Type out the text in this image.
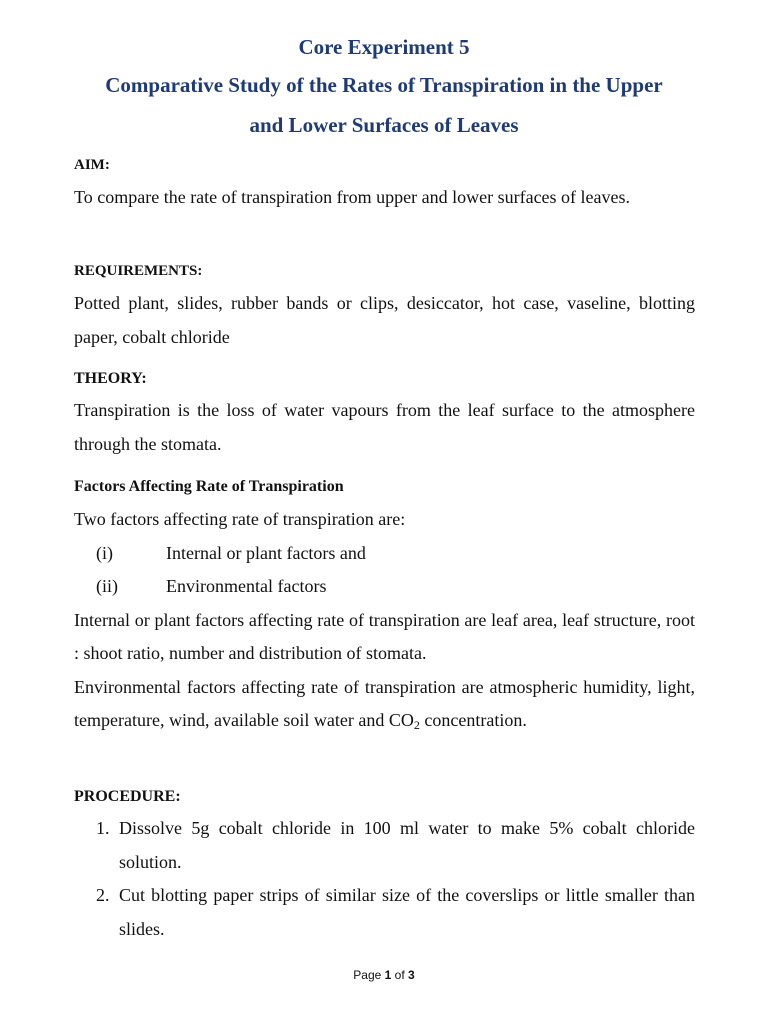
Core Experiment 5
Comparative Study of the Rates of Transpiration in the Upper
and Lower Surfaces of Leaves

AIM:

To compare the rate of transpiration from upper and lower surfaces of leaves.

REQUIREMENTS:

Potted plant, slides, rubber bands or clips, desiccator, hot case, vaseline, blotting paper, cobalt chloride

THEORY:

Transpiration is the loss of water vapours from the leaf surface to the atmosphere through the stomata.

Factors Affecting Rate of Transpiration

Two factors affecting rate of transpiration are:

(i)	Internal or plant factors and
(ii)	Environmental factors

Internal or plant factors affecting rate of transpiration are leaf area, leaf structure, root : shoot ratio, number and distribution of stomata.

Environmental factors affecting rate of transpiration are atmospheric humidity, light, temperature, wind, available soil water and $CO_2$ concentration.

PROCEDURE:

1. Dissolve 5g cobalt chloride in 100 ml water to make 5% cobalt chloride solution.
2. Cut blotting paper strips of similar size of the coverslips or little smaller than slides.
Page 1 of 3
